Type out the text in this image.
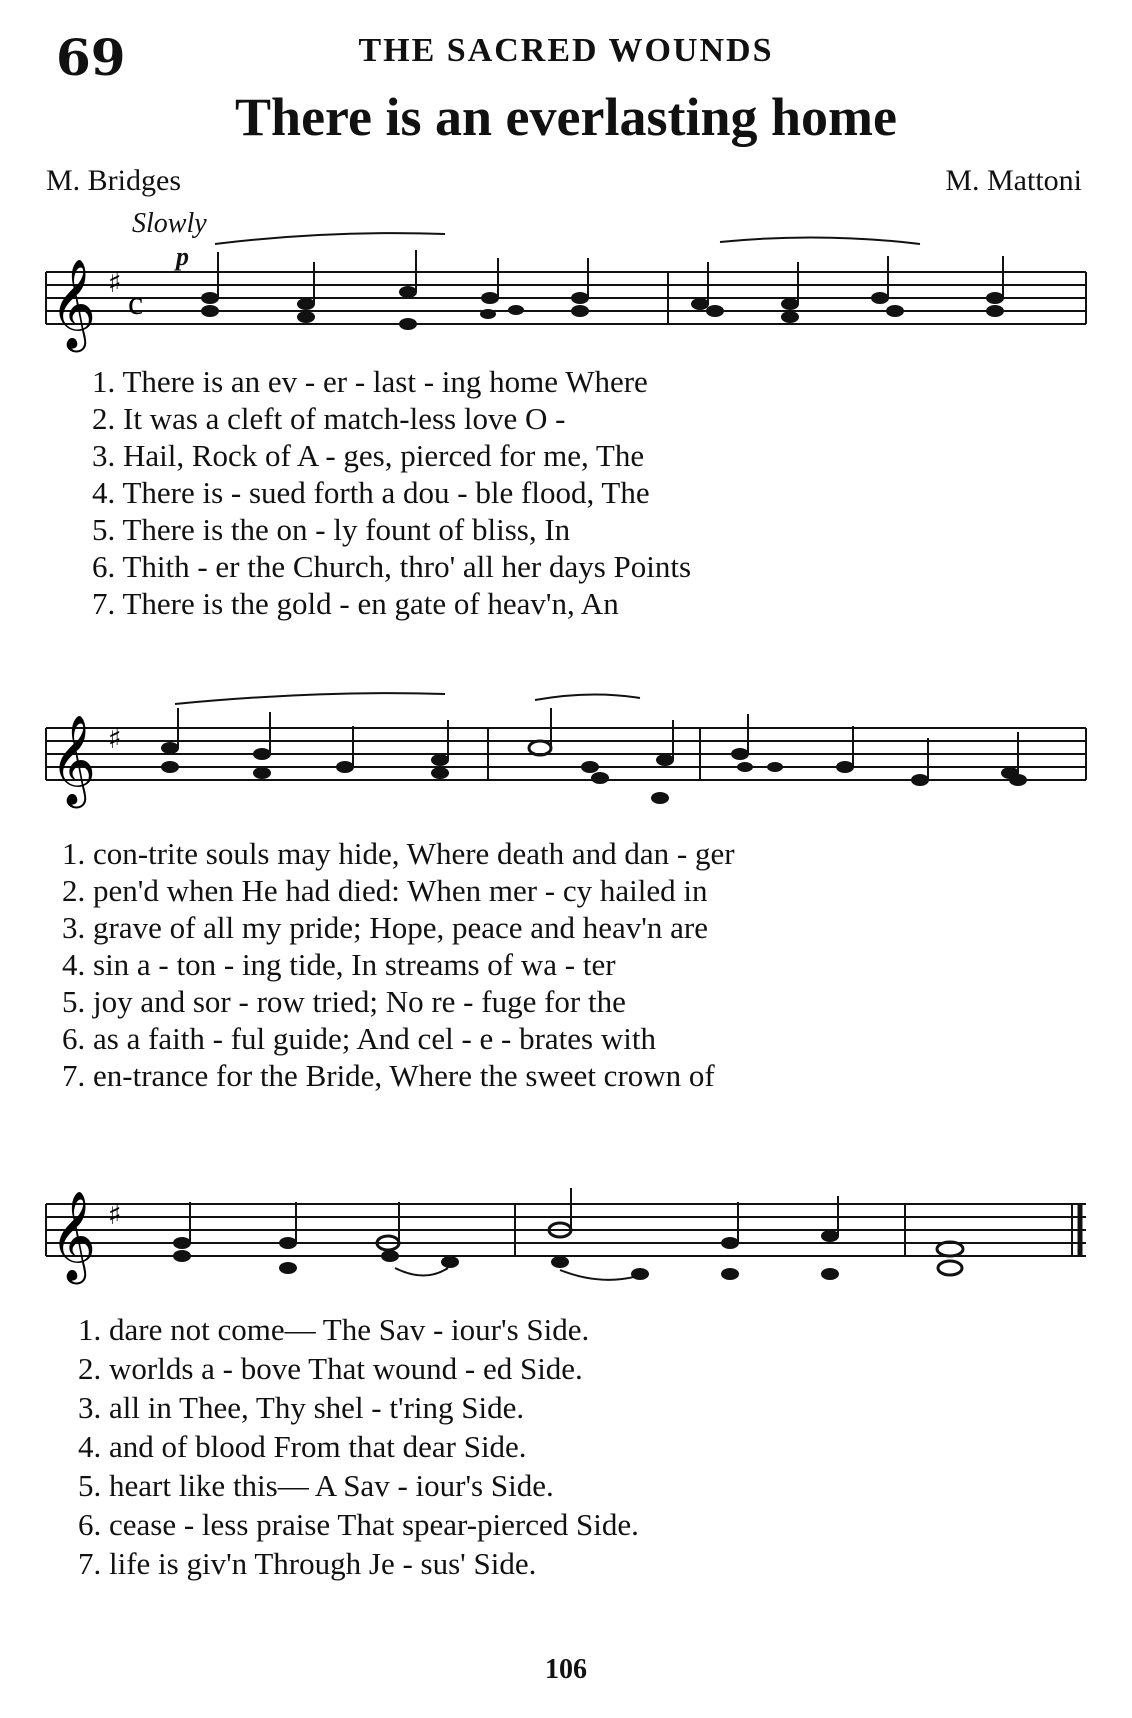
69	THE SACRED WOUNDS
There is an everlasting home
M. Bridges	M. Mattoni
Slowly
p
𝄞 ♯
c
1. There is an ev - er - last - ing home Where
2. It was a cleft of match-less love O -
3. Hail, Rock of A - ges, pierced for me, The
4. There is - sued forth a dou - ble flood, The
5. There is the on - ly fount of bliss, In
6. Thith - er the Church, thro' all her days Points
7. There is the gold - en gate of heav'n, An
𝄞 ♯
1. con-trite souls may hide, Where death and dan - ger
2. pen'd when He had died: When mer - cy hailed in
3. grave of all my pride; Hope, peace and heav'n are
4. sin a - ton - ing tide, In streams of wa - ter
5. joy and sor - row tried; No re - fuge for the
6. as a faith - ful guide; And cel - e - brates with
7. en-trance for the Bride, Where the sweet crown of
𝄞 ♯
1. dare not come— The Sav - iour's Side.
2. worlds a - bove That wound - ed Side.
3. all in Thee, Thy shel - t'ring Side.
4. and of blood From that dear Side.
5. heart like this— A Sav - iour's Side.
6. cease - less praise That spear-pierced Side.
7. life is giv'n Through Je - sus' Side.
106
